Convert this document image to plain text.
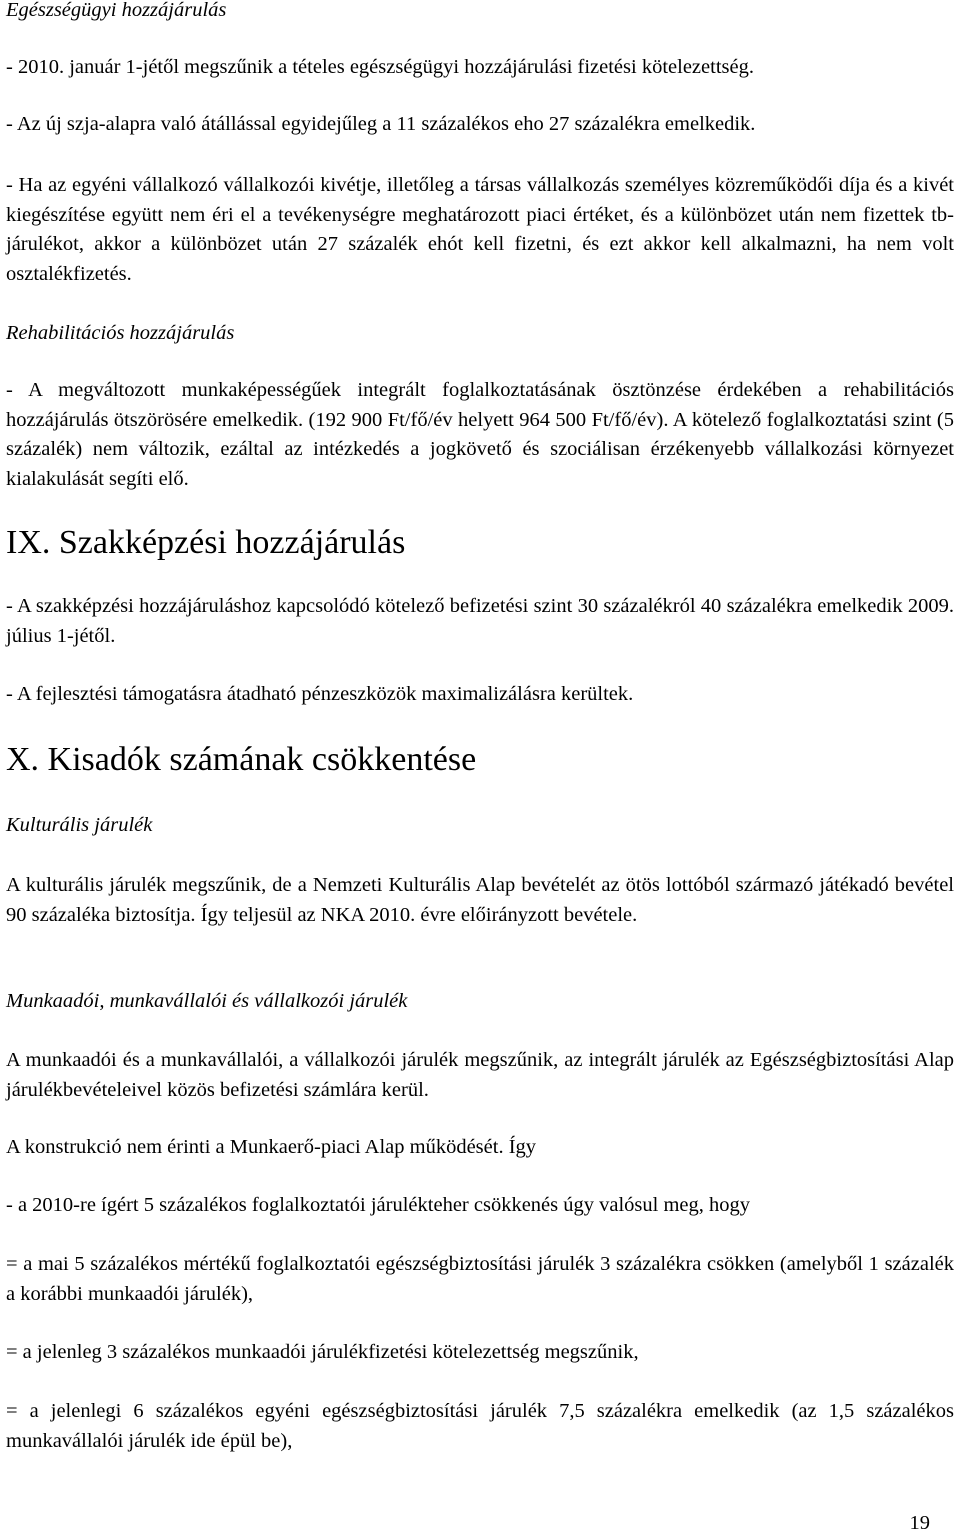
Egészségügyi hozzájárulás

- 2010. január 1-jétől megszűnik a tételes egészségügyi hozzájárulási fizetési kötelezettség.

- Az új szja-alapra való átállással egyidejűleg a 11 százalékos eho 27 százalékra emelkedik.

- Ha az egyéni vállalkozó vállalkozói kivétje, illetőleg a társas vállalkozás személyes közreműködői díja és a kivét kiegészítése együtt nem éri el a tevékenységre meghatározott piaci értéket, és a különbözet után nem fizettek tb-járulékot, akkor a különbözet után 27 százalék ehót kell fizetni, és ezt akkor kell alkalmazni, ha nem volt osztalékfizetés.

Rehabilitációs hozzájárulás

- A megváltozott munkaképességűek integrált foglalkoztatásának ösztönzése érdekében a rehabilitációs hozzájárulás ötszörösére emelkedik. (192 900 Ft/fő/év helyett 964 500 Ft/fő/év). A kötelező foglalkoztatási szint (5 százalék) nem változik, ezáltal az intézkedés a jogkövető és szociálisan érzékenyebb vállalkozási környezet kialakulását segíti elő.

IX. Szakképzési hozzájárulás

- A szakképzési hozzájáruláshoz kapcsolódó kötelező befizetési szint 30 százalékról 40 százalékra emelkedik 2009. július 1-jétől.

- A fejlesztési támogatásra átadható pénzeszközök maximalizálásra kerültek.

X. Kisadók számának csökkentése

Kulturális járulék

A kulturális járulék megszűnik, de a Nemzeti Kulturális Alap bevételét az ötös lottóból származó játékadó bevétel 90 százaléka biztosítja. Így teljesül az NKA 2010. évre előirányzott bevétele.

Munkaadói, munkavállalói és vállalkozói járulék

A munkaadói és a munkavállalói, a vállalkozói járulék megszűnik, az integrált járulék az Egészségbiztosítási Alap járulékbevételeivel közös befizetési számlára kerül.

A konstrukció nem érinti a Munkaerő-piaci Alap működését. Így

- a 2010-re ígért 5 százalékos foglalkoztatói járulékteher csökkenés úgy valósul meg, hogy

= a mai 5 százalékos mértékű foglalkoztatói egészségbiztosítási járulék 3 százalékra csökken (amelyből 1 százalék a korábbi munkaadói járulék),

= a jelenleg 3 százalékos munkaadói járulékfizetési kötelezettség megszűnik,

= a jelenlegi 6 százalékos egyéni egészségbiztosítási járulék 7,5 százalékra emelkedik (az 1,5 százalékos munkavállalói járulék ide épül be),

19
